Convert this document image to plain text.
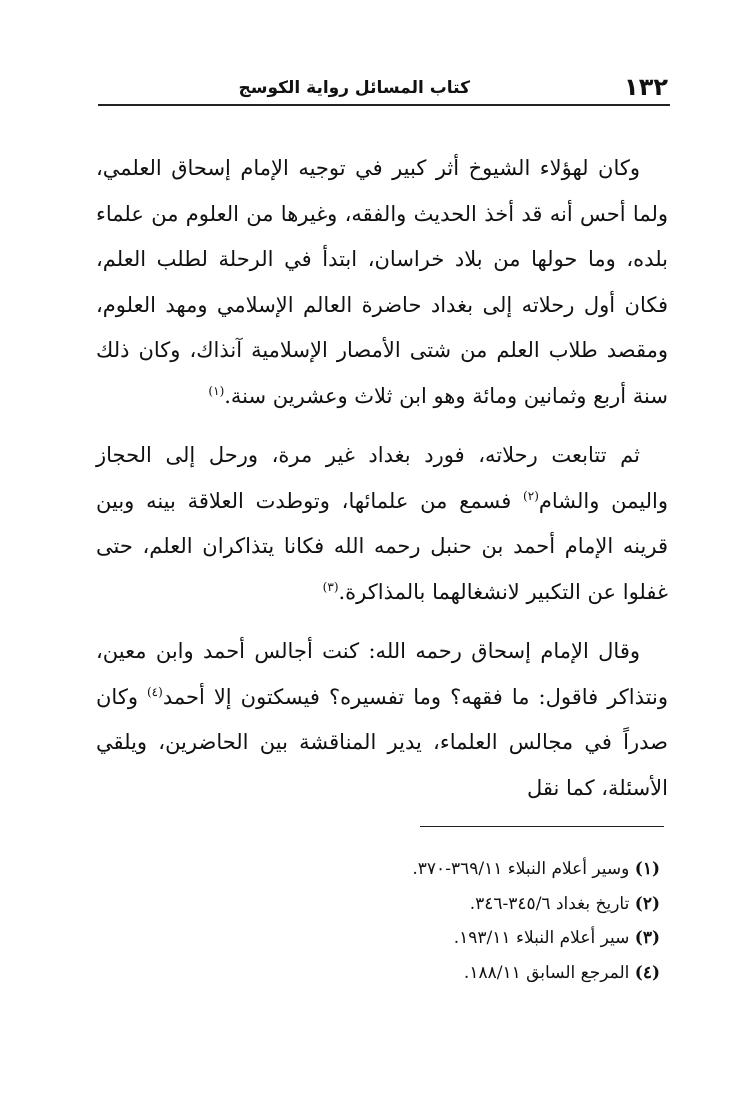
١٣٢
كتاب المسائل رواية الكوسج

وكان لهؤلاء الشيوخ أثر كبير في توجيه الإمام إسحاق العلمي، ولما أحس أنه قد أخذ الحديث والفقه، وغيرها من العلوم من علماء بلده، وما حولها من بلاد خراسان، ابتدأ في الرحلة لطلب العلم، فكان أول رحلاته إلى بغداد حاضرة العالم الإسلامي ومهد العلوم، ومقصد طلاب العلم من شتى الأمصار الإسلامية آنذاك، وكان ذلك سنة أربع وثمانين ومائة وهو ابن ثلاث وعشرين سنة.$^{(١)}$

ثم تتابعت رحلاته، فورد بغداد غير مرة، ورحل إلى الحجاز واليمن والشام$^{(٢)}$ فسمع من علمائها، وتوطدت العلاقة بينه وبين قرينه الإمام أحمد بن حنبل رحمه الله فكانا يتذاكران العلم، حتى غفلوا عن التكبير لانشغالهما بالمذاكرة.$^{(٣)}$

وقال الإمام إسحاق رحمه الله: كنت أجالس أحمد وابن معين، ونتذاكر فاقول: ما فقهه؟ وما تفسيره؟ فيسكتون إلا أحمد$^{(٤)}$ وكان صدراً في مجالس العلماء، يدير المناقشة بين الحاضرين، ويلقي الأسئلة، كما نقل

(١) وسير أعلام النبلاء ٣٦٩/١١-٣٧٠.

(٢) تاريخ بغداد ٣٤٥/٦-٣٤٦.

(٣) سير أعلام النبلاء ١٩٣/١١.

(٤) المرجع السابق ١٨٨/١١.
